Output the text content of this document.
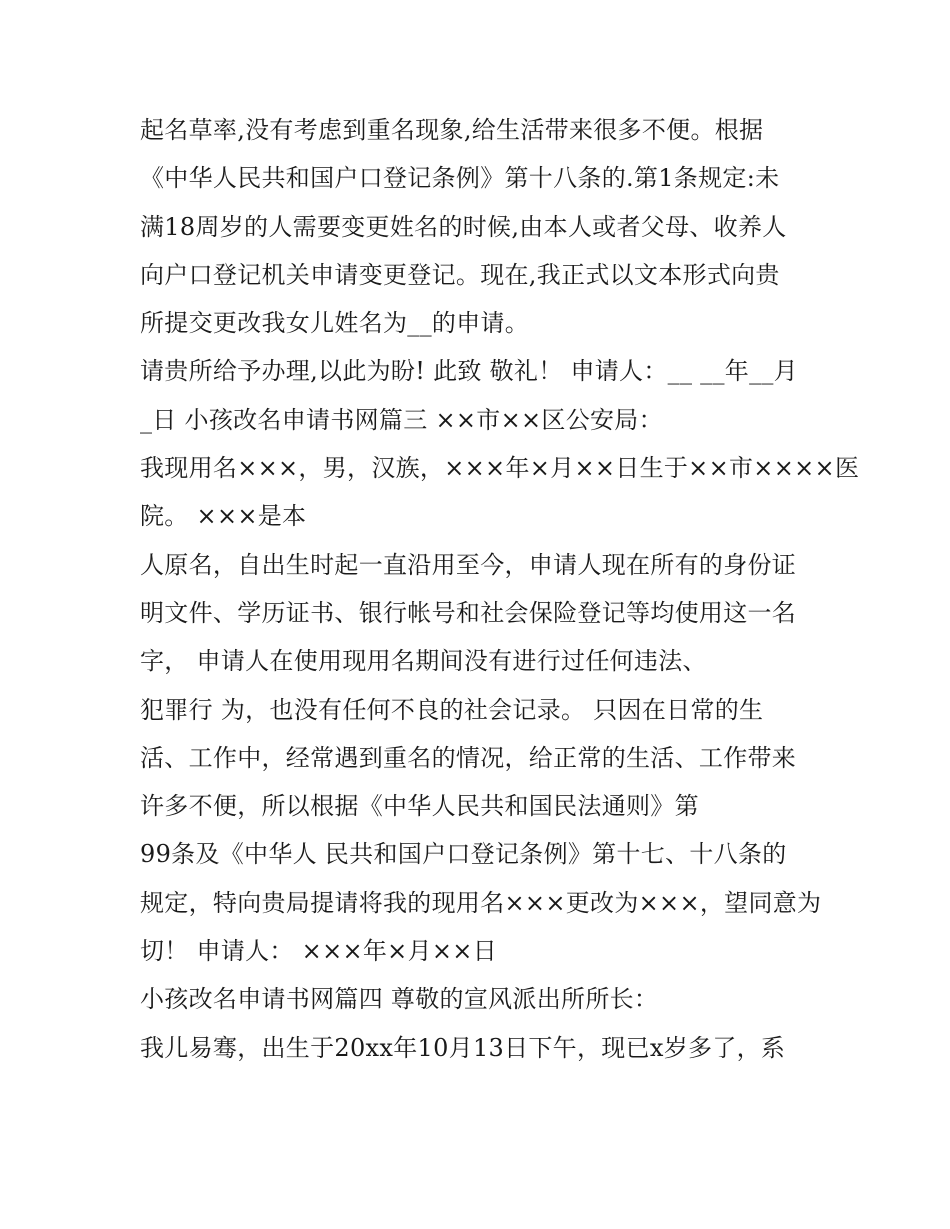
起名草率,没有考虑到重名现象,给生活带来很多不便。根据
《中华人民共和国户口登记条例》第十八条的.第1条规定:未
满18周岁的人需要变更姓名的时候,由本人或者父母、收养人
向户口登记机关申请变更登记。现在,我正式以文本形式向贵
所提交更改我女儿姓名为__的申请。
请贵所给予办理,以此为盼! 此致 敬礼！ 申请人：__ __年__月
_日 小孩改名申请书网篇三 ××市××区公安局：
我现用名×××，男，汉族，×××年×月××日生于××市××××医
院。 ×××是本
人原名，自出生时起一直沿用至今，申请人现在所有的身份证
明文件、学历证书、银行帐号和社会保险登记等均使用这一名
字， 申请人在使用现用名期间没有进行过任何违法、
犯罪行 为，也没有任何不良的社会记录。 只因在日常的生
活、工作中，经常遇到重名的情况，给正常的生活、工作带来
许多不便，所以根据《中华人民共和国民法通则》第
99条及《中华人 民共和国户口登记条例》第十七、十八条的
规定，特向贵局提请将我的现用名×××更改为×××，望同意为
切！ 申请人： ×××年×月××日
小孩改名申请书网篇四 尊敬的宣风派出所所长：
我儿易骞，出生于20xx年10月13日下午，现已x岁多了，系
